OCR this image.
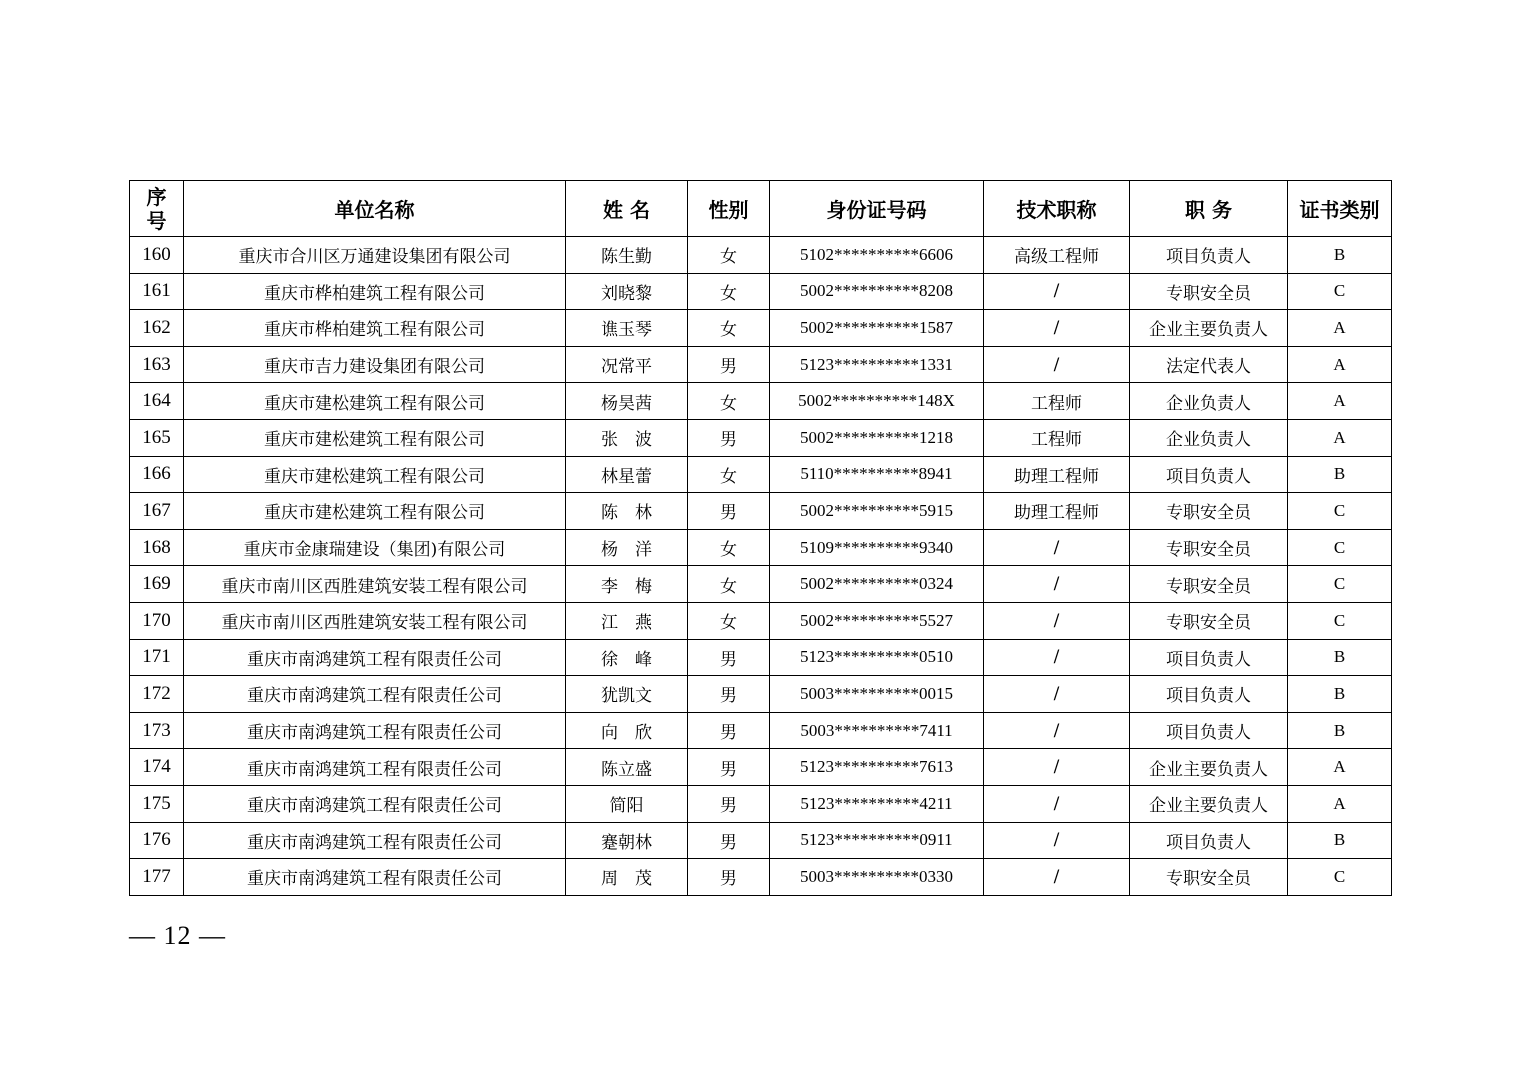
序
号	单位名称	姓 名	性别	身份证号码	技术职称	职 务	证书类别
160	重庆市合川区万通建设集团有限公司	陈生勤	女	5102**********6606	高级工程师	项目负责人	B
161	重庆市桦柏建筑工程有限公司	刘晓黎	女	5002**********8208	/	专职安全员	C
162	重庆市桦柏建筑工程有限公司	谯玉琴	女	5002**********1587	/	企业主要负责人	A
163	重庆市吉力建设集团有限公司	况常平	男	5123**********1331	/	法定代表人	A
164	重庆市建松建筑工程有限公司	杨昊茜	女	5002**********148X	工程师	企业负责人	A
165	重庆市建松建筑工程有限公司	张　波	男	5002**********1218	工程师	企业负责人	A
166	重庆市建松建筑工程有限公司	林星蕾	女	5110**********8941	助理工程师	项目负责人	B
167	重庆市建松建筑工程有限公司	陈　林	男	5002**********5915	助理工程师	专职安全员	C
168	重庆市金康瑞建设（集团)有限公司	杨　洋	女	5109**********9340	/	专职安全员	C
169	重庆市南川区西胜建筑安装工程有限公司	李　梅	女	5002**********0324	/	专职安全员	C
170	重庆市南川区西胜建筑安装工程有限公司	江　燕	女	5002**********5527	/	专职安全员	C
171	重庆市南鸿建筑工程有限责任公司	徐　峰	男	5123**********0510	/	项目负责人	B
172	重庆市南鸿建筑工程有限责任公司	犹凯文	男	5003**********0015	/	项目负责人	B
173	重庆市南鸿建筑工程有限责任公司	向　欣	男	5003**********7411	/	项目负责人	B
174	重庆市南鸿建筑工程有限责任公司	陈立盛	男	5123**********7613	/	企业主要负责人	A
175	重庆市南鸿建筑工程有限责任公司	简阳	男	5123**********4211	/	企业主要负责人	A
176	重庆市南鸿建筑工程有限责任公司	蹇朝林	男	5123**********0911	/	项目负责人	B
177	重庆市南鸿建筑工程有限责任公司	周　茂	男	5003**********0330	/	专职安全员	C
— 12 —
